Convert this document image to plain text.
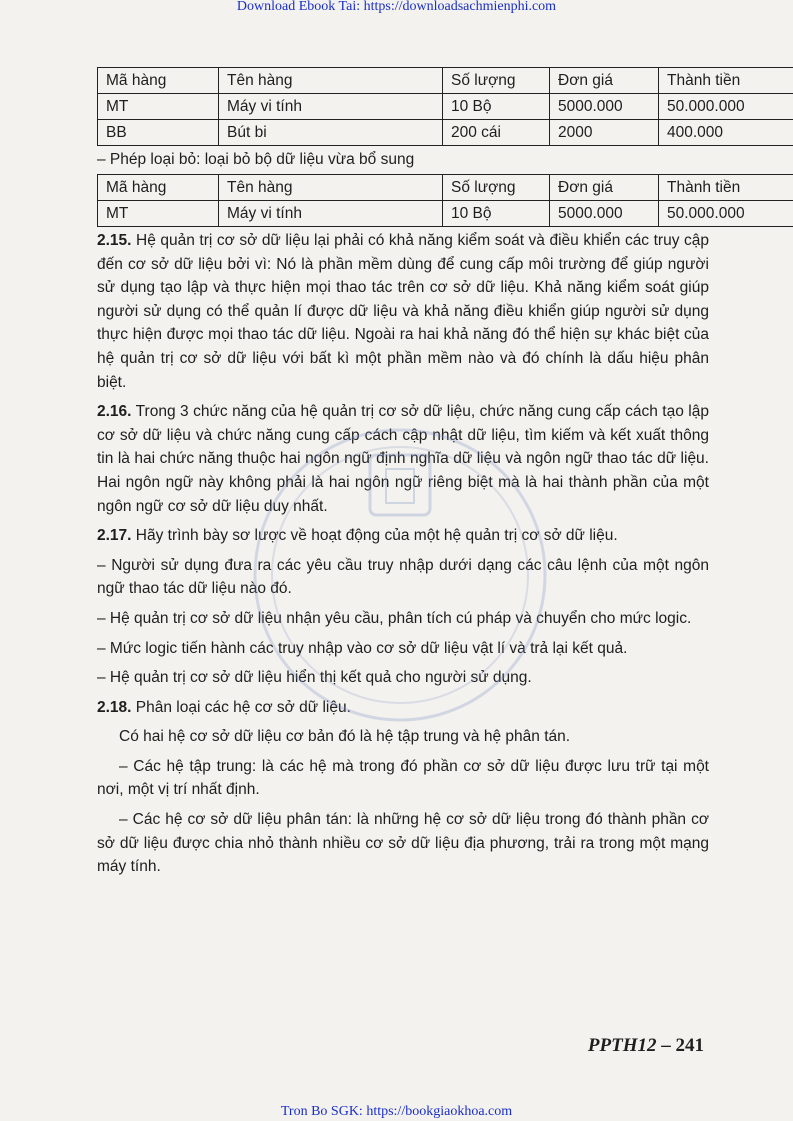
Download Ebook Tai: https://downloadsachmienphi.com
Mã hàng	Tên hàng	Số lượng	Đơn giá	Thành tiền
MT	Máy vi tính	10 Bộ	5000.000	50.000.000
BB	Bút bi	200 cái	2000	400.000
– Phép loại bỏ: loại bỏ bộ dữ liệu vừa bổ sung
Mã hàng	Tên hàng	Số lượng	Đơn giá	Thành tiền
MT	Máy vi tính	10 Bộ	5000.000	50.000.000

2.15. Hệ quản trị cơ sở dữ liệu lại phải có khả năng kiểm soát và điều khiển các truy cập đến cơ sở dữ liệu bởi vì: Nó là phần mềm dùng để cung cấp môi trường để giúp người sử dụng tạo lập và thực hiện mọi thao tác trên cơ sở dữ liệu. Khả năng kiểm soát giúp người sử dụng có thể quản lí được dữ liệu và khả năng điều khiển giúp người sử dụng thực hiện được mọi thao tác dữ liệu. Ngoài ra hai khả năng đó thể hiện sự khác biệt của hệ quản trị cơ sở dữ liệu với bất kì một phần mềm nào và đó chính là dấu hiệu phân biệt.

2.16. Trong 3 chức năng của hệ quản trị cơ sở dữ liệu, chức năng cung cấp cách tạo lập cơ sở dữ liệu và chức năng cung cấp cách cập nhật dữ liệu, tìm kiếm và kết xuất thông tin là hai chức năng thuộc hai ngôn ngữ định nghĩa dữ liệu và ngôn ngữ thao tác dữ liệu. Hai ngôn ngữ này không phải là hai ngôn ngữ riêng biệt mà là hai thành phần của một ngôn ngữ cơ sở dữ liệu duy nhất.

2.17. Hãy trình bày sơ lược về hoạt động của một hệ quản trị cơ sở dữ liệu.

– Người sử dụng đưa ra các yêu cầu truy nhập dưới dạng các câu lệnh của một ngôn ngữ thao tác dữ liệu nào đó.

– Hệ quản trị cơ sở dữ liệu nhận yêu cầu, phân tích cú pháp và chuyển cho mức logic.

– Mức logic tiến hành các truy nhập vào cơ sở dữ liệu vật lí và trả lại kết quả.

– Hệ quản trị cơ sở dữ liệu hiển thị kết quả cho người sử dụng.

2.18. Phân loại các hệ cơ sở dữ liệu.

Có hai hệ cơ sở dữ liệu cơ bản đó là hệ tập trung và hệ phân tán.

– Các hệ tập trung: là các hệ mà trong đó phần cơ sở dữ liệu được lưu trữ tại một nơi, một vị trí nhất định.

– Các hệ cơ sở dữ liệu phân tán: là những hệ cơ sở dữ liệu trong đó thành phần cơ sở dữ liệu được chia nhỏ thành nhiều cơ sở dữ liệu địa phương, trải ra trong một mạng máy tính.

PPTH12 – 241
Tron Bo SGK: https://bookgiaokhoa.com
